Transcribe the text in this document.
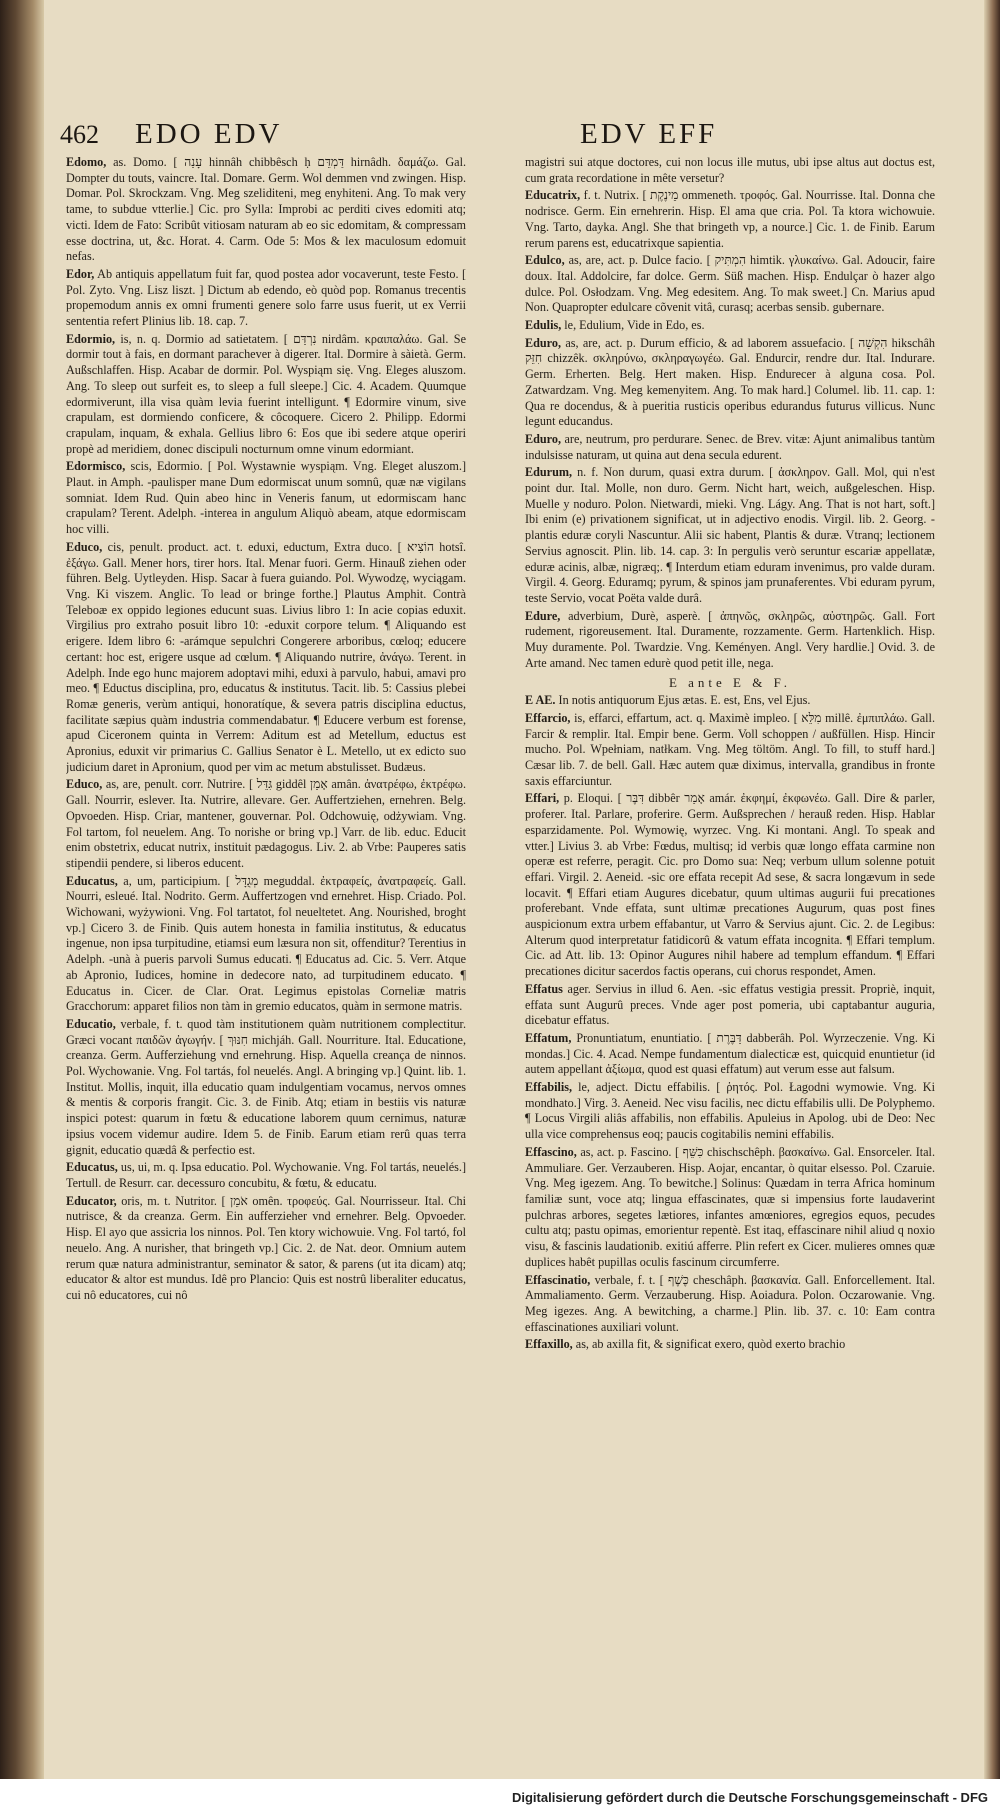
462 EDO EDV	EDV EFF

Edomo, as. Domo. [ עָנַה hinnâh chibbêsch ḥ דַּמְדֵּם hirnâdh. δαμάζω. Gal. Dompter du touts, vaincre. Ital. Domare. Germ. Wol demmen vnd zwingen. Hisp. Domar. Pol. Skrockzam. Vng. Meg szeliditeni, meg enyhiteni. Ang. To mak very tame, to subdue vtterlie.] Cic. pro Sylla: Improbi ac perditi cives edomiti atq; victi. Idem de Fato: Scribût vitiosam naturam ab eo sic edomitam, & compressam esse doctrina, ut, &c. Horat. 4. Carm. Ode 5: Mos & lex maculosum edomuit nefas.

Edor, Ab antiquis appellatum fuit far, quod postea ador vocaverunt, teste Festo. [ Pol. Zyto. Vng. Lisz liszt. ] Dictum ab edendo, eò quòd pop. Romanus trecentis propemodum annis ex omni frumenti genere solo farre usus fuerit, ut ex Verrii sententia refert Plinius lib. 18. cap. 7.

Edormio, is, n. q. Dormio ad satietatem. [ נִרְדַּם nirdâm. κραιπαλάω. Gal. Se dormir tout à fais, en dormant parachever à digerer. Ital. Dormire à sàietà. Germ. Außschlaffen. Hisp. Acabar de dormir. Pol. Wyspiąm się. Vng. Eleges aluszom. Ang. To sleep out surfeit es, to sleep a full sleepe.] Cic. 4. Academ. Quumque edormiverunt, illa visa quàm levia fuerint intelligunt. ¶ Edormire vinum, sive crapulam, est dormiendo conficere, & côcoquere. Cicero 2. Philipp. Edormi crapulam, inquam, & exhala. Gellius libro 6: Eos que ibi sedere atque operiri propè ad meridiem, donec discipuli nocturnum omne vinum edormiant.

Edormisco, scis, Edormio. [ Pol. Wystawnie wyspiąm. Vng. Eleget aluszom.] Plaut. in Amph. -paulisper mane Dum edormiscat unum somnû, quæ næ vigilans somniat. Idem Rud. Quin abeo hinc in Veneris fanum, ut edormiscam hanc crapulam? Terent. Adelph. -interea in angulum Aliquò abeam, atque edormiscam hoc villi.

Educo, cis, penult. product. act. t. eduxi, eductum, Extra duco. [ הוֹצִיא hotsî. ἐξάγω. Gall. Mener hors, tirer hors. Ital. Menar fuori. Germ. Hinauß ziehen oder führen. Belg. Uytleyden. Hisp. Sacar à fuera guiando. Pol. Wywodzę, wyciągam. Vng. Ki viszem. Anglic. To lead or bringe forthe.] Plautus Amphit. Contrà Teleboæ ex oppido legiones educunt suas. Livius libro 1: In acie copias eduxit. Virgilius pro extraho posuit libro 10: -eduxit corpore telum. ¶ Aliquando est erigere. Idem libro 6: -arámque sepulchri Congerere arboribus, cœloq; educere certant: hoc est, erigere usque ad cœlum. ¶ Aliquando nutrire, ἀνάγω. Terent. in Adelph. Inde ego hunc majorem adoptavi mihi, eduxi à parvulo, habui, amavi pro meo. ¶ Eductus disciplina, pro, educatus & institutus. Tacit. lib. 5: Cassius plebei Romæ generis, verùm antiqui, honoratíque, & severa patris disciplina eductus, facilitate sæpius quàm industria commendabatur. ¶ Educere verbum est forense, apud Ciceronem quinta in Verrem: Aditum est ad Metellum, eductus est Apronius, eduxit vir primarius C. Gallius Senator è L. Metello, ut ex edicto suo judicium daret in Apronium, quod per vim ac metum abstulisset. Budæus.

Educo, as, are, penult. corr. Nutrire. [ גִּדֵּל giddêl אָמַן amân. ἀνατρέφω, ἐκτρέφω. Gall. Nourrir, eslever. Ita. Nutrire, allevare. Ger. Auffertziehen, ernehren. Belg. Opvoeden. Hisp. Criar, mantener, gouvernar. Pol. Odchowuię, odżywiam. Vng. Fol tartom, fol neuelem. Ang. To norishe or bring vp.] Varr. de lib. educ. Educit enim obstetrix, educat nutrix, instituit pædagogus. Liv. 2. ab Vrbe: Pauperes satis stipendii pendere, si liberos educent.

Educatus, a, um, participium. [ מְגֻדָּל meguddal. ἐκτραφείς, ἀνατραφείς. Gall. Nourri, esleué. Ital. Nodrito. Germ. Auffertzogen vnd ernehret. Hisp. Criado. Pol. Wichowani, wyżywioni. Vng. Fol tartatot, fol neueltetet. Ang. Nourished, broght vp.] Cicero 3. de Finib. Quis autem honesta in familia institutus, & educatus ingenue, non ipsa turpitudine, etiamsi eum læsura non sit, offenditur? Terentius in Adelph. -unà à pueris parvoli Sumus educati. ¶ Educatus ad. Cic. 5. Verr. Atque ab Apronio, Iudices, homine in dedecore nato, ad turpitudinem educato. ¶ Educatus in. Cicer. de Clar. Orat. Legimus epistolas Corneliæ matris Gracchorum: apparet filios non tàm in gremio educatos, quàm in sermone matris.

Educatio, verbale, f. t. quod tàm institutionem quàm nutritionem complectitur. Græci vocant παιδῶν ἀγωγήν. [ חִנּוּךְ michjáh. Gall. Nourriture. Ital. Educatione, creanza. Germ. Aufferziehung vnd ernehrung. Hisp. Aquella creança de ninnos. Pol. Wychowanie. Vng. Fol tartás, fol neuelés. Angl. A bringing vp.] Quint. lib. 1. Institut. Mollis, inquit, illa educatio quam indulgentiam vocamus, nervos omnes & mentis & corporis frangit. Cic. 3. de Finib. Atq; etiam in bestiis vis naturæ inspici potest: quarum in fœtu & educatione laborem quum cernimus, naturæ ipsius vocem videmur audire. Idem 5. de Finib. Earum etiam rerû quas terra gignit, educatio quædâ & perfectio est.

Educatus, us, ui, m. q. Ipsa educatio. Pol. Wychowanie. Vng. Fol tartás, neuelés.] Tertull. de Resurr. car. decessuro concubitu, & fœtu, & educatu.

Educator, oris, m. t. Nutritor. [ אֹמֵן omên. τροφεύς. Gal. Nourrisseur. Ital. Chi nutrisce, & da creanza. Germ. Ein aufferzieher vnd ernehrer. Belg. Opvoeder. Hisp. El ayo que assicria los ninnos. Pol. Ten ktory wichowuie. Vng. Fol tartó, fol neuelo. Ang. A nurisher, that bringeth vp.] Cic. 2. de Nat. deor. Omnium autem rerum quæ natura administrantur, seminator & sator, & parens (ut ita dicam) atq; educator & altor est mundus. Idê pro Plancio: Quis est nostrû liberaliter educatus, cui nô educatores, cui nô

magistri sui atque doctores, cui non locus ille mutus, ubi ipse altus aut doctus est, cum grata recordatione in mête versetur?

Educatrix, f. t. Nutrix. [ מֵינֶקֶת ommeneth. τροφός. Gal. Nourrisse. Ital. Donna che nodrisce. Germ. Ein ernehrerin. Hisp. El ama que cria. Pol. Ta ktora wichowuie. Vng. Tarto, dayka. Angl. She that bringeth vp, a nource.] Cic. 1. de Finib. Earum rerum parens est, educatrixque sapientia.

Edulco, as, are, act. p. Dulce facio. [ הִמְתִּיק himtik. γλυκαίνω. Gal. Adoucir, faire doux. Ital. Addolcire, far dolce. Germ. Süß machen. Hisp. Endulçar ò hazer algo dulce. Pol. Osłodzam. Vng. Meg edesitem. Ang. To mak sweet.] Cn. Marius apud Non. Quapropter edulcare cõvenit vitâ, curasq; acerbas sensib. gubernare.

Edulis, le, Edulium, Vide in Edo, es.

Eduro, as, are, act. p. Durum efficio, & ad laborem assuefacio. [ הִקְשָׁה hikschâh חִזֵּק chizzêk. σκληρύνω, σκληραγωγέω. Gal. Endurcir, rendre dur. Ital. Indurare. Germ. Erherten. Belg. Hert maken. Hisp. Endurecer à alguna cosa. Pol. Zatwardzam. Vng. Meg kemenyitem. Ang. To mak hard.] Columel. lib. 11. cap. 1: Qua re docendus, & à pueritia rusticis operibus edurandus futurus villicus. Nunc legunt educandus.

Eduro, are, neutrum, pro perdurare. Senec. de Brev. vitæ: Ajunt animalibus tantùm indulsisse naturam, ut quina aut dena secula edurent.

Edurum, n. f. Non durum, quasi extra durum. [ ἀσκληρον. Gall. Mol, qui n'est point dur. Ital. Molle, non duro. Germ. Nicht hart, weich, außgeleschen. Hisp. Muelle y noduro. Polon. Nietwardi, mieki. Vng. Lágy. Ang. That is not hart, soft.] Ibi enim (e) privationem significat, ut in adjectivo enodis. Virgil. lib. 2. Georg. -plantis eduræ coryli Nascuntur. Alii sic habent, Plantis & duræ. Vtranq; lectionem Servius agnoscit. Plin. lib. 14. cap. 3: In pergulis verò seruntur escariæ appellatæ, eduræ acinis, albæ, nigræq;. ¶ Interdum etiam eduram invenimus, pro valde duram. Virgil. 4. Georg. Eduramq; pyrum, & spinos jam prunaferentes. Vbi eduram pyrum, teste Servio, vocat Poëta valde durâ.

Edure, adverbium, Durè, asperè. [ ἀπηνῶς, σκληρῶς, αὐστηρῶς. Gall. Fort rudement, rigoreusement. Ital. Duramente, rozzamente. Germ. Hartenklich. Hisp. Muy duramente. Pol. Twardzie. Vng. Keményen. Angl. Very hardlie.] Ovid. 3. de Arte amand. Nec tamen edurè quod petit ille, nega.

E ante E & F.

E AE. In notis antiquorum Ejus ætas. E. est, Ens, vel Ejus.

Effarcio, is, effarci, effartum, act. q. Maximè impleo. [ מִלֵּא millê. ἐμπιπλάω. Gall. Farcir & remplir. Ital. Empir bene. Germ. Voll schoppen / außfüllen. Hisp. Hincir mucho. Pol. Wpełniam, natłkam. Vng. Meg töltöm. Angl. To fill, to stuff hard.] Cæsar lib. 7. de bell. Gall. Hæc autem quæ diximus, intervalla, grandibus in fronte saxis effarciuntur.

Effari, p. Eloqui. [ דִּבֶּר dibbêr אָמַר amár. ἐκφημί, ἐκφωνέω. Gall. Dire & parler, proferer. Ital. Parlare, proferire. Germ. Außsprechen / herauß reden. Hisp. Hablar esparzidamente. Pol. Wymowię, wyrzec. Vng. Ki montani. Angl. To speak and vtter.] Livius 3. ab Vrbe: Fœdus, multisq; id verbis quæ longo effata carmine non operæ est referre, peragit. Cic. pro Domo sua: Neq; verbum ullum solenne potuit effari. Virgil. 2. Aeneid. -sic ore effata recepit Ad sese, & sacra longævum in sede locavit. ¶ Effari etiam Augures dicebatur, quum ultimas augurii fui precationes proferebant. Vnde effata, sunt ultimæ precationes Augurum, quas post fines auspicionum extra urbem effabantur, ut Varro & Servius ajunt. Cic. 2. de Legibus: Alterum quod interpretatur fatidicorû & vatum effata incognita. ¶ Effari templum. Cic. ad Att. lib. 13: Opinor Augures nihil habere ad templum effandum. ¶ Effari precationes dicitur sacerdos factis operans, cui chorus respondet, Amen.

Effatus ager. Servius in illud 6. Aen. -sic effatus vestigia pressit. Propriè, inquit, effata sunt Augurû preces. Vnde ager post pomeria, ubi captabantur auguria, dicebatur effatus.

Effatum, Pronuntiatum, enuntiatio. [ דַּבֶּרֶת dabberâh. Pol. Wyrzeczenie. Vng. Ki mondas.] Cic. 4. Acad. Nempe fundamentum dialecticæ est, quicquid enuntietur (id autem appellant ἀξίωμα, quod est quasi effatum) aut verum esse aut falsum.

Effabilis, le, adject. Dictu effabilis. [ ῥητός. Pol. Łagodni wymowie. Vng. Ki mondhato.] Virg. 3. Aeneid. Nec visu facilis, nec dictu effabilis ulli. De Polyphemo. ¶ Locus Virgili aliâs affabilis, non effabilis. Apuleius in Apolog. ubi de Deo: Nec ulla vice comprehensus eoq; paucis cogitabilis nemini effabilis.

Effascino, as, act. p. Fascino. [ כִּשֵּׁף chischschêph. βασκαίνω. Gal. Ensorceler. Ital. Ammuliare. Ger. Verzauberen. Hisp. Aojar, encantar, ò quitar elsesso. Pol. Czaruie. Vng. Meg igezem. Ang. To bewitche.] Solinus: Quædam in terra Africa hominum familiæ sunt, voce atq; lingua effascinates, quæ si impensius forte laudaverint pulchras arbores, segetes lætiores, infantes amœniores, egregios equos, pecudes cultu atq; pastu opimas, emorientur repentè. Est itaq, effascinare nihil aliud q noxio visu, & fascinis laudationib. exitiú afferre. Plin refert ex Cicer. mulieres omnes quæ duplices habêt pupillas oculis fascinum circumferre.

Effascinatio, verbale, f. t. [ כֶּשֶׁף cheschâph. βασκανία. Gall. Enforcellement. Ital. Ammaliamento. Germ. Verzauberung. Hisp. Aoiadura. Polon. Oczarowanie. Vng. Meg igezes. Ang. A bewitching, a charme.] Plin. lib. 37. c. 10: Eam contra effascinationes auxiliari volunt.

Effaxillo, as, ab axilla fit, & significat exero, quòd exerto brachio

Digitalisierung gefördert durch die Deutsche Forschungsgemeinschaft - DFG
